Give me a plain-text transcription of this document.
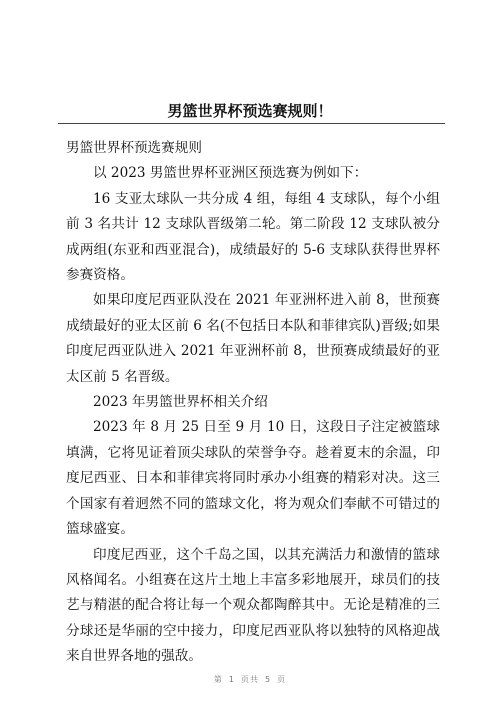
男篮世界杯预选赛规则！

男篮世界杯预选赛规则

以 2023 男篮世界杯亚洲区预选赛为例如下：

16 支亚太球队一共分成 4 组，每组 4 支球队，每个小组前 3 名共计 12 支球队晋级第二轮。第二阶段 12 支球队被分成两组(东亚和西亚混合)，成绩最好的 5-6 支球队获得世界杯参赛资格。

如果印度尼西亚队没在 2021 年亚洲杯进入前 8，世预赛成绩最好的亚太区前 6 名(不包括日本队和菲律宾队)晋级;如果印度尼西亚队进入 2021 年亚洲杯前 8，世预赛成绩最好的亚太区前 5 名晋级。

2023 年男篮世界杯相关介绍

2023 年 8 月 25 日至 9 月 10 日，这段日子注定被篮球填满，它将见证着顶尖球队的荣誉争夺。趁着夏末的余温，印度尼西亚、日本和菲律宾将同时承办小组赛的精彩对决。这三个国家有着迥然不同的篮球文化，将为观众们奉献不可错过的篮球盛宴。

印度尼西亚，这个千岛之国，以其充满活力和激情的篮球风格闻名。小组赛在这片土地上丰富多彩地展开，球员们的技艺与精湛的配合将让每一个观众都陶醉其中。无论是精准的三分球还是华丽的空中接力，印度尼西亚队将以独特的风格迎战来自世界各地的强敌。

第 1 页共 5 页
